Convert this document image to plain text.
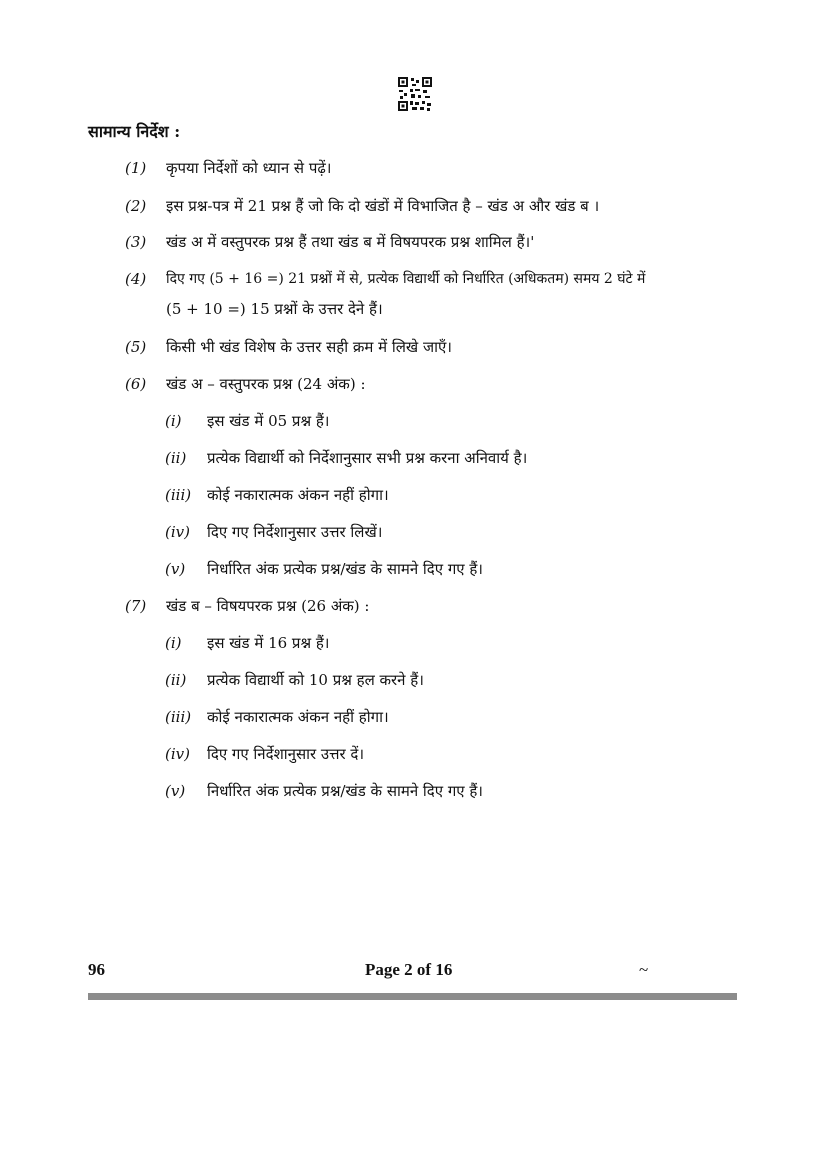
सामान्य निर्देश :
(1) कृपया निर्देशों को ध्यान से पढ़ें।
(2) इस प्रश्न-पत्र में 21 प्रश्न हैं जो कि दो खंडों में विभाजित है – खंड अ और खंड ब ।
(3) खंड अ में वस्तुपरक प्रश्न हैं तथा खंड ब में विषयपरक प्रश्न शामिल हैं।'
(4) दिए गए (5 + 16 =) 21 प्रश्नों में से, प्रत्येक विद्यार्थी को निर्धारित (अधिकतम) समय 2 घंटे में
(5 + 10 =) 15 प्रश्नों के उत्तर देने हैं।
(5) किसी भी खंड विशेष के उत्तर सही क्रम में लिखे जाएँ।
(6) खंड अ – वस्तुपरक प्रश्न (24 अंक) :
(i) इस खंड में 05 प्रश्न हैं।
(ii) प्रत्येक विद्यार्थी को निर्देशानुसार सभी प्रश्न करना अनिवार्य है।
(iii) कोई नकारात्मक अंकन नहीं होगा।
(iv) दिए गए निर्देशानुसार उत्तर लिखें।
(v) निर्धारित अंक प्रत्येक प्रश्न/खंड के सामने दिए गए हैं।
(7) खंड ब – विषयपरक प्रश्न (26 अंक) :
(i) इस खंड में 16 प्रश्न हैं।
(ii) प्रत्येक विद्यार्थी को 10 प्रश्न हल करने हैं।
(iii) कोई नकारात्मक अंकन नहीं होगा।
(iv) दिए गए निर्देशानुसार उत्तर दें।
(v) निर्धारित अंक प्रत्येक प्रश्न/खंड के सामने दिए गए हैं।
96	Page 2 of 16	~
